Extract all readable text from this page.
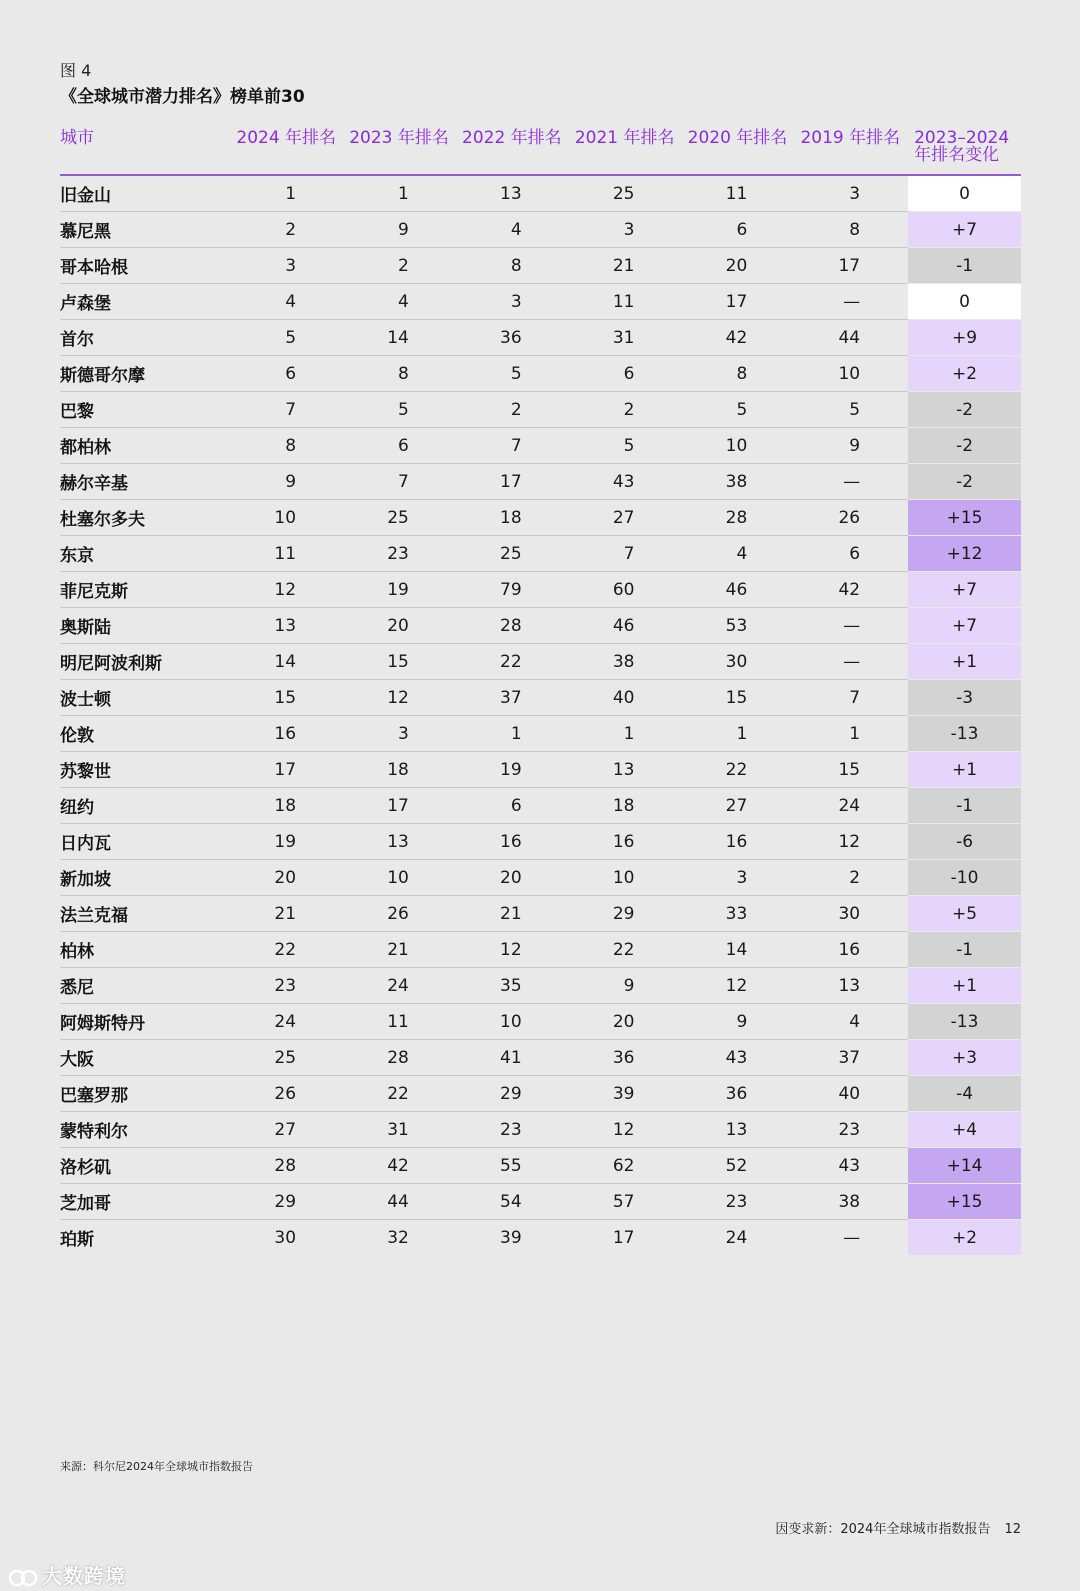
图 4
《全球城市潜力排名》榜单前30
城市	2024 年排名	2023 年排名	2022 年排名	2021 年排名	2020 年排名	2019 年排名	2023–2024年排名变化
旧金山	1	1	13	25	11	3	0
慕尼黑	2	9	4	3	6	8	+7
哥本哈根	3	2	8	21	20	17	-1
卢森堡	4	4	3	11	17	—	0
首尔	5	14	36	31	42	44	+9
斯德哥尔摩	6	8	5	6	8	10	+2
巴黎	7	5	2	2	5	5	-2
都柏林	8	6	7	5	10	9	-2
赫尔辛基	9	7	17	43	38	—	-2
杜塞尔多夫	10	25	18	27	28	26	+15
东京	11	23	25	7	4	6	+12
菲尼克斯	12	19	79	60	46	42	+7
奥斯陆	13	20	28	46	53	—	+7
明尼阿波利斯	14	15	22	38	30	—	+1
波士顿	15	12	37	40	15	7	-3
伦敦	16	3	1	1	1	1	-13
苏黎世	17	18	19	13	22	15	+1
纽约	18	17	6	18	27	24	-1
日内瓦	19	13	16	16	16	12	-6
新加坡	20	10	20	10	3	2	-10
法兰克福	21	26	21	29	33	30	+5
柏林	22	21	12	22	14	16	-1
悉尼	23	24	35	9	12	13	+1
阿姆斯特丹	24	11	10	20	9	4	-13
大阪	25	28	41	36	43	37	+3
巴塞罗那	26	22	29	39	36	40	-4
蒙特利尔	27	31	23	12	13	23	+4
洛杉矶	28	42	55	62	52	43	+14
芝加哥	29	44	54	57	23	38	+15
珀斯	30	32	39	17	24	—	+2
来源：科尔尼2024年全球城市指数报告
因变求新：2024年全球城市指数报告 12
大数跨境
